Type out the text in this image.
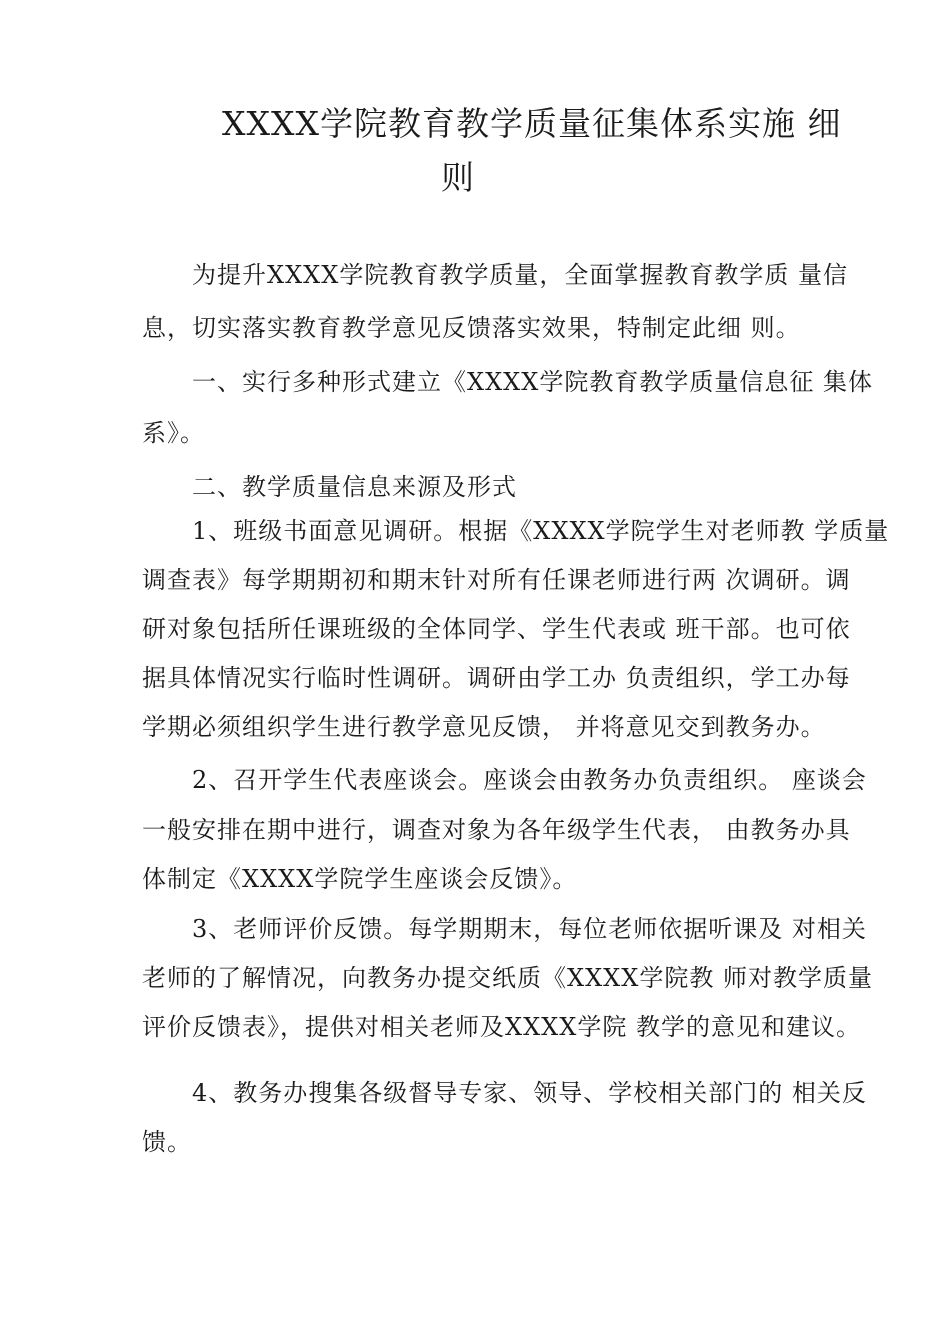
XXXX学院教育教学质量征集体系实施 细
则
为提升XXXX学院教育教学质量，全面掌握教育教学质 量信
息，切实落实教育教学意见反馈落实效果，特制定此细 则。
一、实行多种形式建立《XXXX学院教育教学质量信息征 集体
系》。
二、教学质量信息来源及形式
1、班级书面意见调研。根据《XXXX学院学生对老师教 学质量
调查表》每学期期初和期末针对所有任课老师进行两 次调研。调
研对象包括所任课班级的全体同学、学生代表或 班干部。也可依
据具体情况实行临时性调研。调研由学工办 负责组织，学工办每
学期必须组织学生进行教学意见反馈， 并将意见交到教务办。
2、召开学生代表座谈会。座谈会由教务办负责组织。 座谈会
一般安排在期中进行，调查对象为各年级学生代表， 由教务办具
体制定《XXXX学院学生座谈会反馈》。
3、老师评价反馈。每学期期末，每位老师依据听课及 对相关
老师的了解情况，向教务办提交纸质《XXXX学院教 师对教学质量
评价反馈表》，提供对相关老师及XXXX学院 教学的意见和建议。
4、教务办搜集各级督导专家、领导、学校相关部门的 相关反
馈。
